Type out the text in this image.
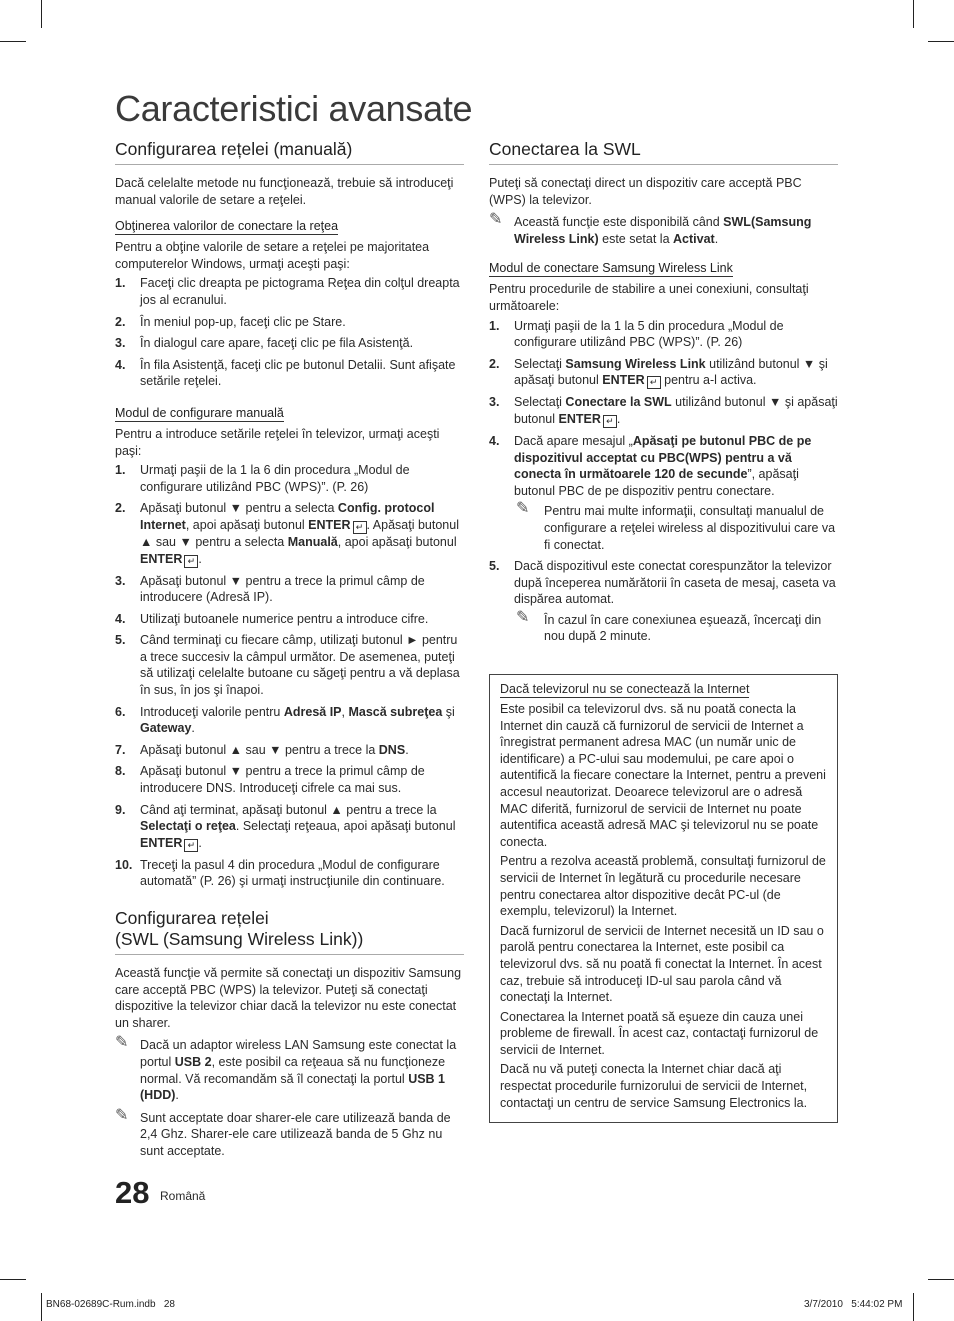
Caracteristici avansate
Configurarea rețelei (manuală)
Dacă celelalte metode nu funcţionează, trebuie să introduceţi manual valorile de setare a reţelei.
Obţinerea valorilor de conectare la reţea
Pentru a obţine valorile de setare a reţelei pe majoritatea computerelor Windows, urmaţi aceşti paşi:
1. Faceţi clic dreapta pe pictograma Reţea din colţul dreapta jos al ecranului.
2. În meniul pop-up, faceţi clic pe Stare.
3. În dialogul care apare, faceţi clic pe fila Asistenţă.
4. În fila Asistenţă, faceţi clic pe butonul Detalii. Sunt afişate setările reţelei.
Modul de configurare manuală
Pentru a introduce setările reţelei în televizor, urmaţi aceşti paşi:
1. Urmaţi paşii de la 1 la 6 din procedura „Modul de configurare utilizând PBC (WPS)”. (P. 26)
2. Apăsaţi butonul ▼ pentru a selecta Config. protocol Internet, apoi apăsaţi butonul ENTER ↵ . Apăsaţi butonul ▲ sau ▼ pentru a selecta Manuală, apoi apăsaţi butonul ENTER ↵ .
3. Apăsaţi butonul ▼ pentru a trece la primul câmp de introducere (Adresă IP).
4. Utilizaţi butoanele numerice pentru a introduce cifre.
5. Când terminaţi cu fiecare câmp, utilizaţi butonul ► pentru a trece succesiv la câmpul următor. De asemenea, puteţi să utilizaţi celelalte butoane cu săgeţi pentru a vă deplasa în sus, în jos şi înapoi.
6. Introduceţi valorile pentru Adresă IP, Mască subreţea şi Gateway.
7. Apăsaţi butonul ▲ sau ▼ pentru a trece la DNS.
8. Apăsaţi butonul ▼ pentru a trece la primul câmp de introducere DNS. Introduceţi cifrele ca mai sus.
9. Când aţi terminat, apăsaţi butonul ▲ pentru a trece la Selectaţi o reţea. Selectaţi reţeaua, apoi apăsaţi butonul ENTER ↵ .
10. Treceţi la pasul 4 din procedura „Modul de configurare automată” (P. 26) şi urmaţi instrucţiunile din continuare.
Configurarea rețelei
(SWL (Samsung Wireless Link))
Această funcţie vă permite să conectaţi un dispozitiv Samsung care acceptă PBC (WPS) la televizor. Puteţi să conectaţi dispozitive la televizor chiar dacă la televizor nu este conectat un sharer.
✎ Dacă un adaptor wireless LAN Samsung este conectat la portul USB 2, este posibil ca reţeaua să nu funcţioneze normal. Vă recomandăm să îl conectaţi la portul USB 1 (HDD).
✎ Sunt acceptate doar sharer-ele care utilizează banda de 2,4 Ghz. Sharer-ele care utilizează banda de 5 Ghz nu sunt acceptate.
Conectarea la SWL
Puteţi să conectaţi direct un dispozitiv care acceptă PBC (WPS) la televizor.
✎ Această funcţie este disponibilă când SWL(Samsung Wireless Link) este setat la Activat.
Modul de conectare Samsung Wireless Link
Pentru procedurile de stabilire a unei conexiuni, consultaţi următoarele:
1. Urmaţi paşii de la 1 la 5 din procedura „Modul de configurare utilizând PBC (WPS)”. (P. 26)
2. Selectaţi Samsung Wireless Link utilizând butonul ▼ şi apăsaţi butonul ENTER ↵ pentru a-l activa.
3. Selectaţi Conectare la SWL utilizând butonul ▼ şi apăsaţi butonul ENTER ↵ .
4. Dacă apare mesajul „Apăsaţi pe butonul PBC de pe dispozitivul acceptat cu PBC(WPS) pentru a vă conecta în următoarele 120 de secunde”, apăsaţi butonul PBC de pe dispozitiv pentru conectare.
✎ Pentru mai multe informaţii, consultaţi manualul de configurare a reţelei wireless al dispozitivului care va fi conectat.
5. Dacă dispozitivul este conectat corespunzător la televizor după începerea numărătorii în caseta de mesaj, caseta va dispărea automat.
✎ În cazul în care conexiunea eşuează, încercaţi din nou după 2 minute.
Dacă televizorul nu se conectează la Internet
Este posibil ca televizorul dvs. să nu poată conecta la Internet din cauză că furnizorul de servicii de Internet a înregistrat permanent adresa MAC (un număr unic de identificare) a PC-ului sau modemului, pe care apoi o autentifică la fiecare conectare la Internet, pentru a preveni accesul neautorizat. Deoarece televizorul are o adresă MAC diferită, furnizorul de servicii de Internet nu poate autentifica această adresă MAC şi televizorul nu se poate conecta.
Pentru a rezolva această problemă, consultaţi furnizorul de servicii de Internet în legătură cu procedurile necesare pentru conectarea altor dispozitive decât PC-ul (de exemplu, televizorul) la Internet.
Dacă furnizorul de servicii de Internet necesită un ID sau o parolă pentru conectarea la Internet, este posibil ca televizorul dvs. să nu poată fi conectat la Internet. În acest caz, trebuie să introduceţi ID-ul sau parola când vă conectaţi la Internet.
Conectarea la Internet poată să eşueze din cauza unei probleme de firewall. În acest caz, contactaţi furnizorul de servicii de Internet.
Dacă nu vă puteţi conecta la Internet chiar dacă aţi respectat procedurile furnizorului de servicii de Internet, contactaţi un centru de service Samsung Electronics la.
28 Română
BN68-02689C-Rum.indb   28	3/7/2010   5:44:02 PM
